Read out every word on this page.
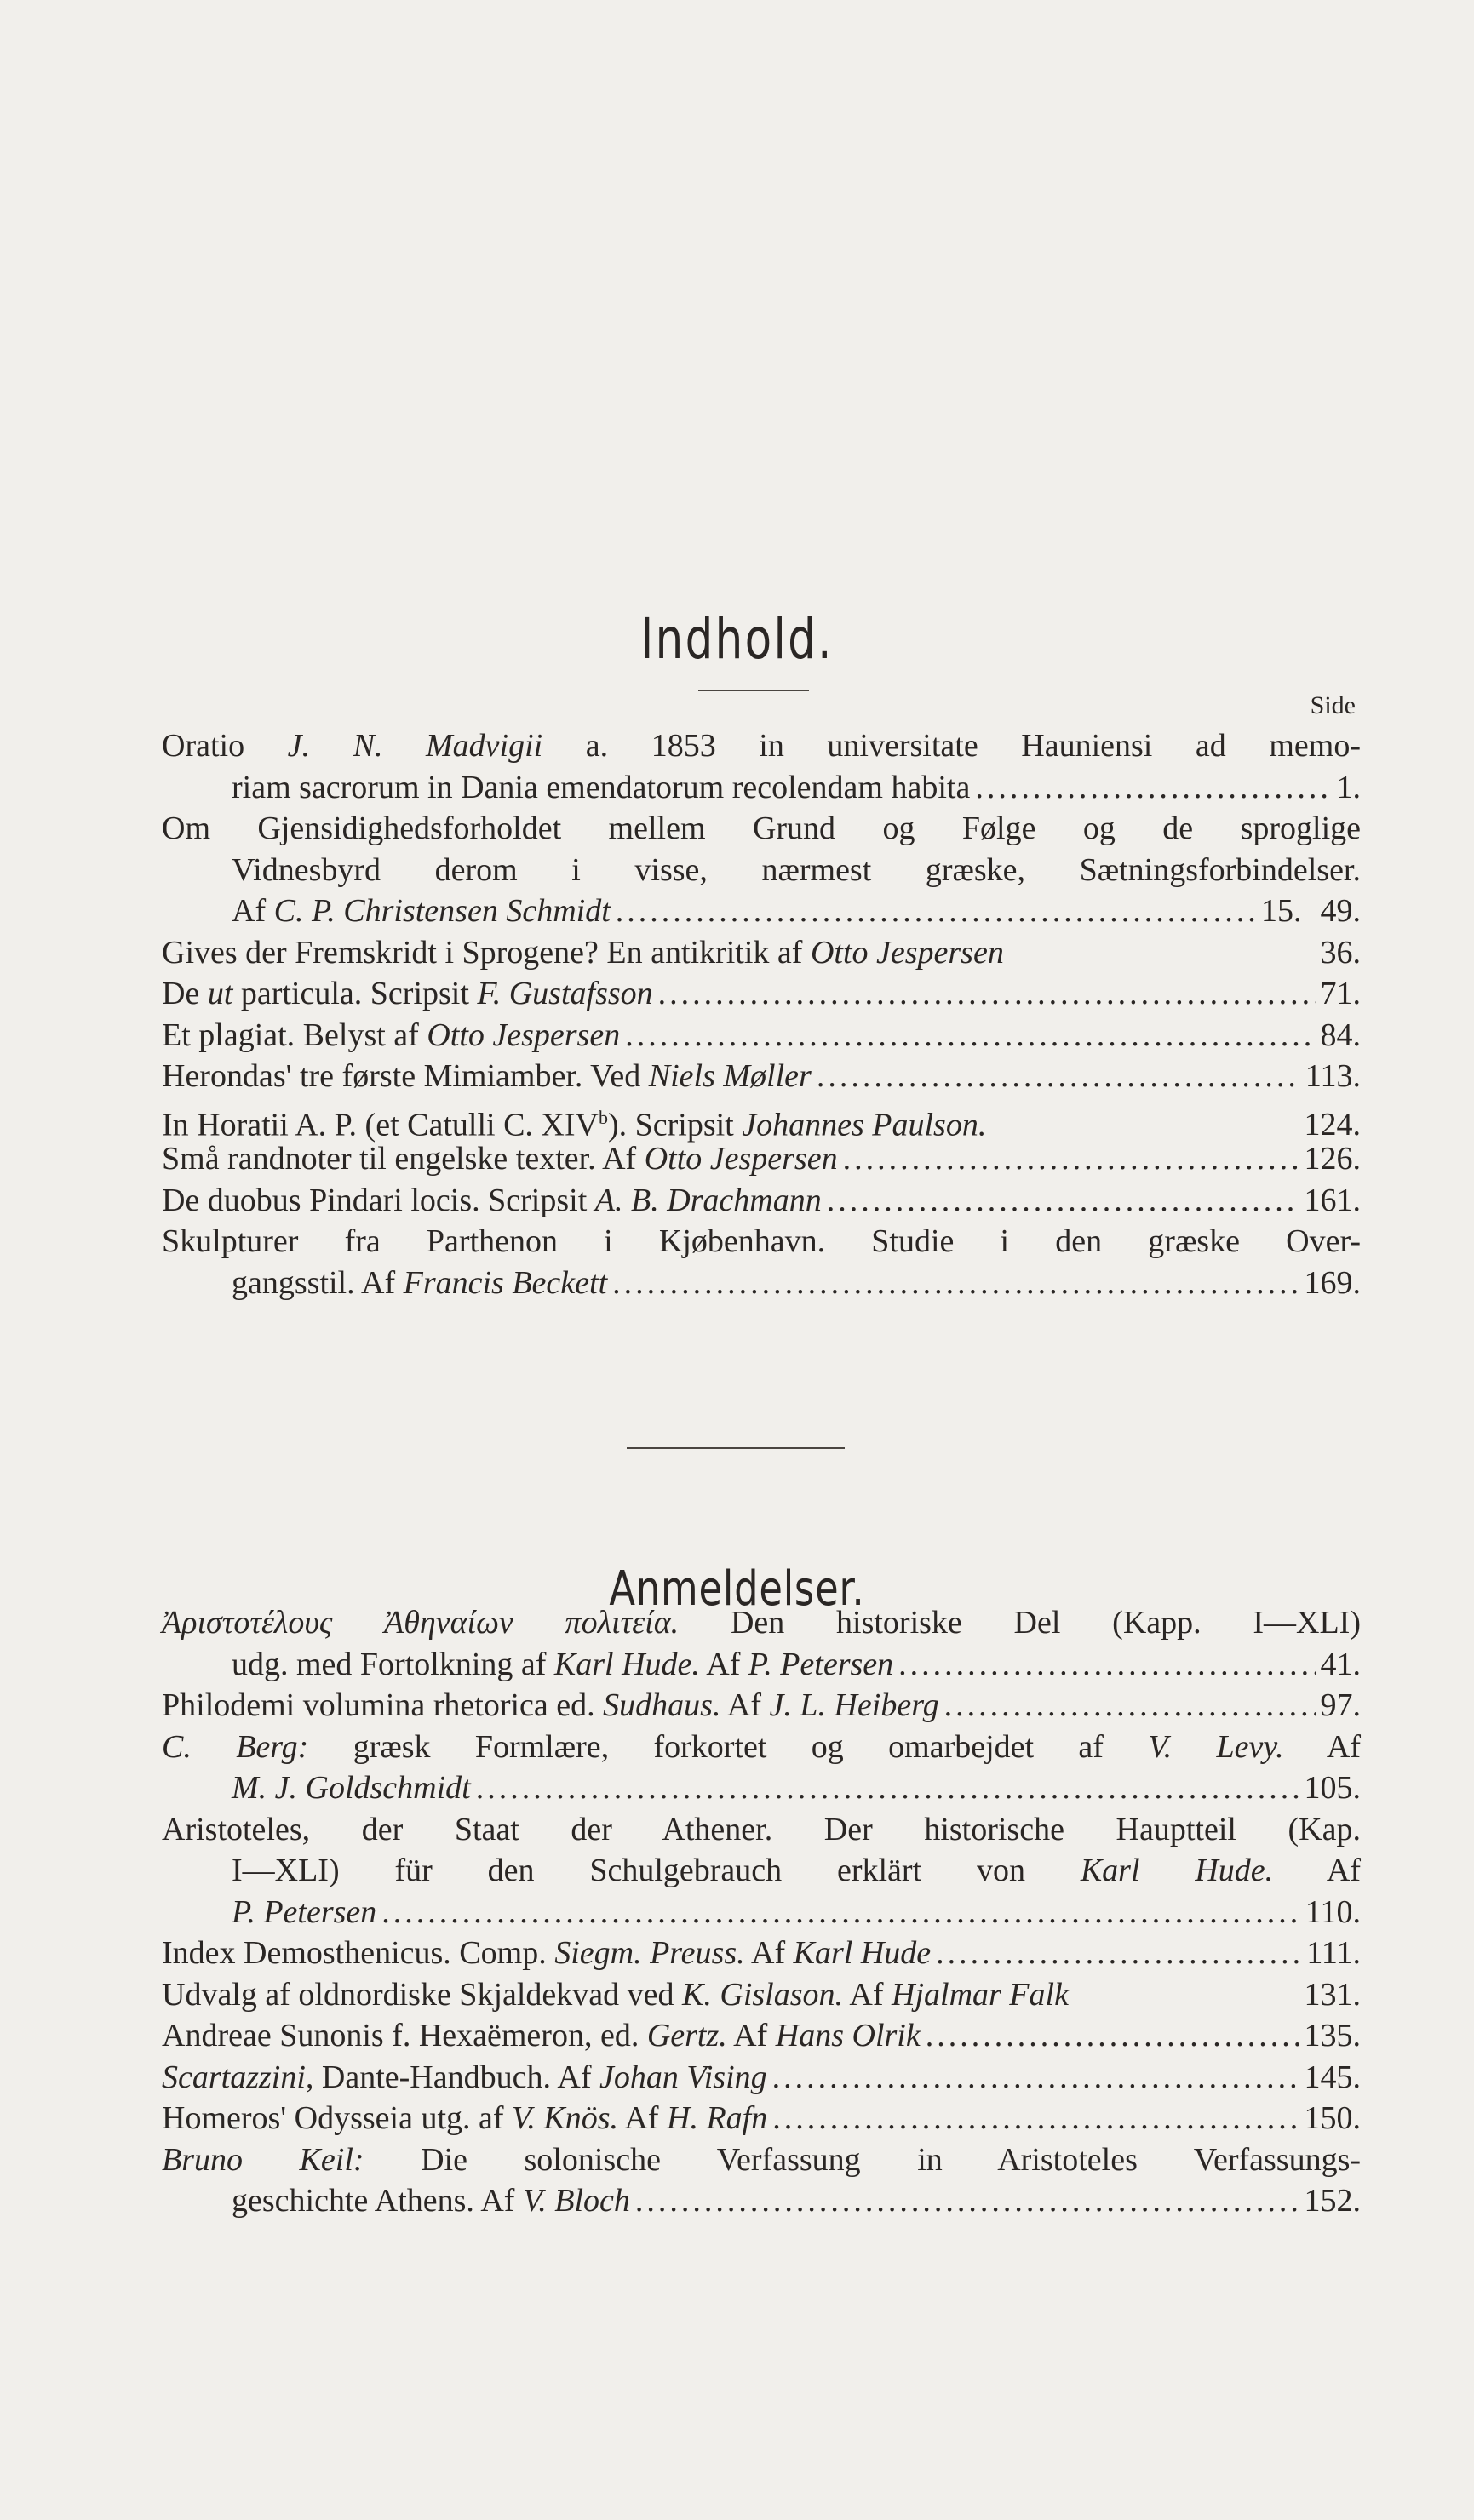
Indhold.
Side
Oratio J. N. Madvigii a. 1853 in universitate Hauniensi ad memo-
riam sacrorum in Dania emendatorum recolendam habita .....	1.
Om Gjensidighedsforholdet mellem Grund og Følge og de sproglige
Vidnesbyrd derom i visse, nærmest græske, Sætningsforbindelser.
Af C. P. Christensen Schmidt .....	15. 49.
Gives der Fremskridt i Sprogene? En antikritik af Otto Jespersen	36.
De ut particula. Scripsit F. Gustafsson .....	71.
Et plagiat. Belyst af Otto Jespersen .....	84.
Herondas' tre første Mimiamber. Ved Niels Møller .....	113.
In Horatii A. P. (et Catulli C. XIV$^b$). Scripsit Johannes Paulson.	124.
Små randnoter til engelske texter. Af Otto Jespersen .....	126.
De duobus Pindari locis. Scripsit A. B. Drachmann .....	161.
Skulpturer fra Parthenon i Kjøbenhavn. Studie i den græske Over-
gangsstil. Af Francis Beckett .....	169.
Anmeldelser.
Ἀριστοτέλους Ἀθηναίων πολιτεία. Den historiske Del (Kapp. I—XLI)
udg. med Fortolkning af Karl Hude. Af P. Petersen .....	41.
Philodemi volumina rhetorica ed. Sudhaus. Af J. L. Heiberg .....	97.
C. Berg: græsk Formlære, forkortet og omarbejdet af V. Levy. Af
M. J. Goldschmidt .....	105.
Aristoteles, der Staat der Athener. Der historische Hauptteil (Kap.
I—XLI) für den Schulgebrauch erklärt von Karl Hude. Af
P. Petersen .....	110.
Index Demosthenicus. Comp. Siegm. Preuss. Af Karl Hude .....	111.
Udvalg af oldnordiske Skjaldekvad ved K. Gislason. Af Hjalmar Falk	131.
Andreae Sunonis f. Hexaëmeron, ed. Gertz. Af Hans Olrik .....	135.
Scartazzini, Dante-Handbuch. Af Johan Vising .....	145.
Homeros' Odysseia utg. af V. Knös. Af H. Rafn .....	150.
Bruno Keil: Die solonische Verfassung in Aristoteles Verfassungs-
geschichte Athens. Af V. Bloch .....	152.
